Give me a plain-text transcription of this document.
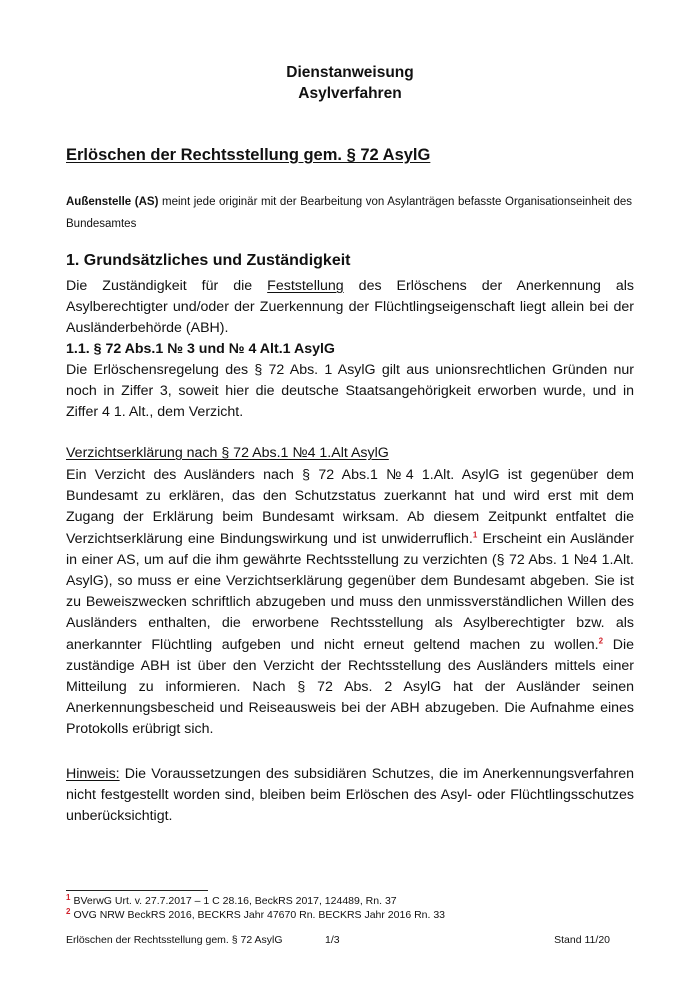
Dienstanweisung
Asylverfahren
Erlöschen der Rechtsstellung gem. § 72 AsylG
Außenstelle (AS) meint jede originär mit der Bearbeitung von Asylanträgen befasste Organisationseinheit des Bundesamtes
1. Grundsätzliches und Zuständigkeit
Die Zuständigkeit für die Feststellung des Erlöschens der Anerkennung als Asylberechtigter und/oder der Zuerkennung der Flüchtlingseigenschaft liegt allein bei der Ausländerbehörde (ABH).
1.1. § 72 Abs.1 № 3 und № 4 Alt.1 AsylG
Die Erlöschensregelung des § 72 Abs. 1 AsylG gilt aus unionsrechtlichen Gründen nur noch in Ziffer 3, soweit hier die deutsche Staatsangehörigkeit erworben wurde, und in Ziffer 4 1. Alt., dem Verzicht.
Verzichtserklärung nach § 72 Abs.1 №4 1.Alt AsylG
Ein Verzicht des Ausländers nach § 72 Abs.1 №4 1.Alt. AsylG ist gegenüber dem Bundesamt zu erklären, das den Schutzstatus zuerkannt hat und wird erst mit dem Zugang der Erklärung beim Bundesamt wirksam. Ab diesem Zeitpunkt entfaltet die Verzichtserklärung eine Bindungswirkung und ist unwiderruflich.$^1$ Erscheint ein Ausländer in einer AS, um auf die ihm gewährte Rechtsstellung zu verzichten (§ 72 Abs. 1 №4 1.Alt. AsylG), so muss er eine Verzichtserklärung gegenüber dem Bundesamt abgeben. Sie ist zu Beweiszwecken schriftlich abzugeben und muss den unmissverständlichen Willen des Ausländers enthalten, die erworbene Rechtsstellung als Asylberechtigter bzw. als anerkannter Flüchtling aufgeben und nicht erneut geltend machen zu wollen.$^2$ Die zuständige ABH ist über den Verzicht der Rechtsstellung des Ausländers mittels einer Mitteilung zu informieren. Nach § 72 Abs. 2 AsylG hat der Ausländer seinen Anerkennungsbescheid und Reiseausweis bei der ABH abzugeben. Die Aufnahme eines Protokolls erübrigt sich.
Hinweis: Die Voraussetzungen des subsidiären Schutzes, die im Anerkennungsverfahren nicht festgestellt worden sind, bleiben beim Erlöschen des Asyl- oder Flüchtlingsschutzes unberücksichtigt.
$^1$ BVerwG Urt. v. 27.7.2017 – 1 C 28.16, BeckRS 2017, 124489, Rn. 37
$^2$ OVG NRW BeckRS 2016, BECKRS Jahr 47670 Rn. BECKRS Jahr 2016 Rn. 33
Erlöschen der Rechtsstellung gem. § 72 AsylG	1/3	Stand 11/20
